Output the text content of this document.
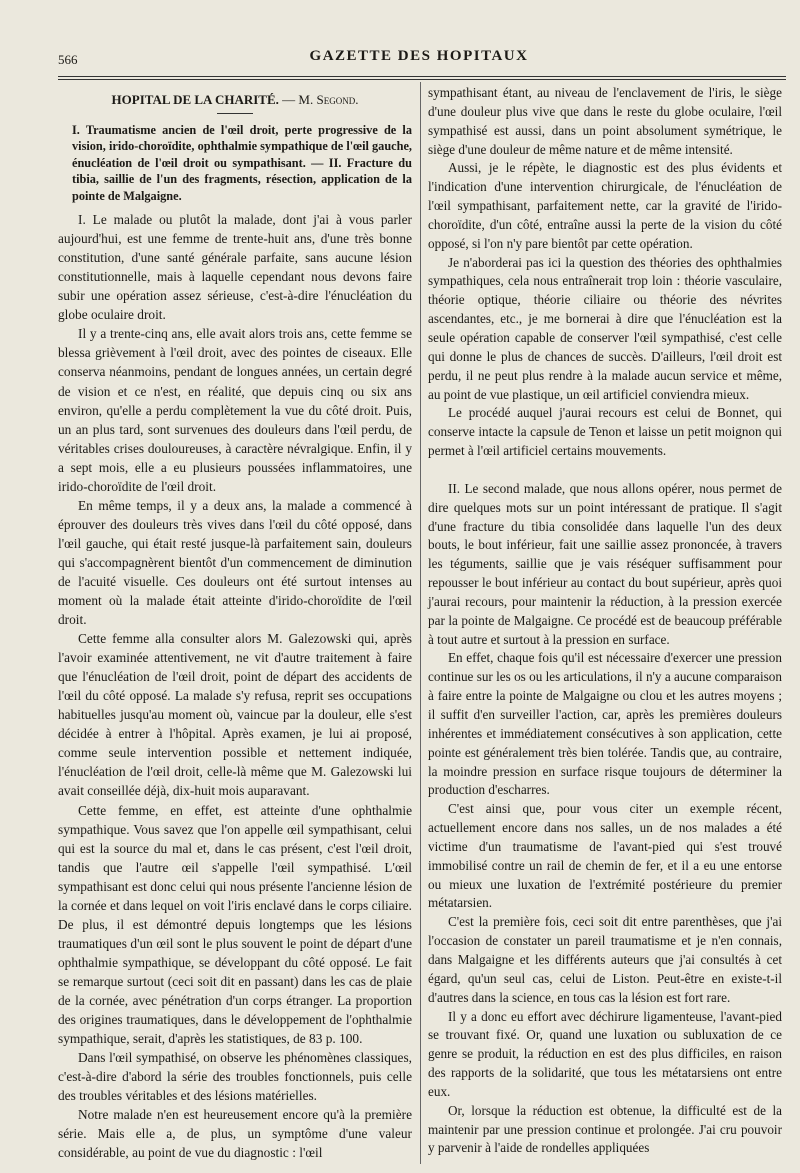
566	GAZETTE DES HOPITAUX
HOPITAL DE LA CHARITÉ. — M. Segond.

I. Traumatisme ancien de l'œil droit, perte progressive de la vision, irido-choroïdite, ophthalmie sympathique de l'œil gauche, énucléation de l'œil droit ou sympathisant. — II. Fracture du tibia, saillie de l'un des fragments, résection, application de la pointe de Malgaigne.

I. Le malade ou plutôt la malade, dont j'ai à vous parler aujourd'hui, est une femme de trente-huit ans, d'une très bonne constitution, d'une santé générale parfaite, sans aucune lésion constitutionnelle, mais à laquelle cependant nous devons faire subir une opération assez sérieuse, c'est-à-dire l'énucléation du globe oculaire droit.

Il y a trente-cinq ans, elle avait alors trois ans, cette femme se blessa grièvement à l'œil droit, avec des pointes de ciseaux. Elle conserva néanmoins, pendant de longues années, un certain degré de vision et ce n'est, en réalité, que depuis cinq ou six ans environ, qu'elle a perdu complètement la vue du côté droit. Puis, un an plus tard, sont survenues des douleurs dans l'œil perdu, de véritables crises douloureuses, à caractère névralgique. Enfin, il y a sept mois, elle a eu plusieurs poussées inflammatoires, une irido-choroïdite de l'œil droit.

En même temps, il y a deux ans, la malade a commencé à éprouver des douleurs très vives dans l'œil du côté opposé, dans l'œil gauche, qui était resté jusque-là parfaitement sain, douleurs qui s'accompagnèrent bientôt d'un commencement de diminution de l'acuité visuelle. Ces douleurs ont été surtout intenses au moment où la malade était atteinte d'irido-choroïdite de l'œil droit.

Cette femme alla consulter alors M. Galezowski qui, après l'avoir examinée attentivement, ne vit d'autre traitement à faire que l'énucléation de l'œil droit, point de départ des accidents de l'œil du côté opposé. La malade s'y refusa, reprit ses occupations habituelles jusqu'au moment où, vaincue par la douleur, elle s'est décidée à entrer à l'hôpital. Après examen, je lui ai proposé, comme seule intervention possible et nettement indiquée, l'énucléation de l'œil droit, celle-là même que M. Galezowski lui avait conseillée déjà, dix-huit mois auparavant.

Cette femme, en effet, est atteinte d'une ophthalmie sympathique. Vous savez que l'on appelle œil sympathisant, celui qui est la source du mal et, dans le cas présent, c'est l'œil droit, tandis que l'autre œil s'appelle l'œil sympathisé. L'œil sympathisant est donc celui qui nous présente l'ancienne lésion de la cornée et dans lequel on voit l'iris enclavé dans le corps ciliaire. De plus, il est démontré depuis longtemps que les lésions traumatiques d'un œil sont le plus souvent le point de départ d'une ophthalmie sympathique, se développant du côté opposé. Le fait se remarque surtout (ceci soit dit en passant) dans les cas de plaie de la cornée, avec pénétration d'un corps étranger. La proportion des origines traumatiques, dans le développement de l'ophthalmie sympathique, serait, d'après les statistiques, de 83 p. 100.

Dans l'œil sympathisé, on observe les phénomènes classiques, c'est-à-dire d'abord la série des troubles fonctionnels, puis celle des troubles véritables et des lésions matérielles.

Notre malade n'en est heureusement encore qu'à la première série. Mais elle a, de plus, un symptôme d'une valeur considérable, au point de vue du diagnostic : l'œil

sympathisant étant, au niveau de l'enclavement de l'iris, le siège d'une douleur plus vive que dans le reste du globe oculaire, l'œil sympathisé est aussi, dans un point absolument symétrique, le siège d'une douleur de même nature et de même intensité.

Aussi, je le répète, le diagnostic est des plus évidents et l'indication d'une intervention chirurgicale, de l'énucléation de l'œil sympathisant, parfaitement nette, car la gravité de l'irido-choroïdite, d'un côté, entraîne aussi la perte de la vision du côté opposé, si l'on n'y pare bientôt par cette opération.

Je n'aborderai pas ici la question des théories des ophthalmies sympathiques, cela nous entraînerait trop loin : théorie vasculaire, théorie optique, théorie ciliaire ou théorie des névrites ascendantes, etc., je me bornerai à dire que l'énucléation est la seule opération capable de conserver l'œil sympathisé, c'est celle qui donne le plus de chances de succès. D'ailleurs, l'œil droit est perdu, il ne peut plus rendre à la malade aucun service et même, au point de vue plastique, un œil artificiel conviendra mieux.

Le procédé auquel j'aurai recours est celui de Bonnet, qui conserve intacte la capsule de Tenon et laisse un petit moignon qui permet à l'œil artificiel certains mouvements.

II. Le second malade, que nous allons opérer, nous permet de dire quelques mots sur un point intéressant de pratique. Il s'agit d'une fracture du tibia consolidée dans laquelle l'un des deux bouts, le bout inférieur, fait une saillie assez prononcée, à travers les téguments, saillie que je vais réséquer suffisamment pour repousser le bout inférieur au contact du bout supérieur, après quoi j'aurai recours, pour maintenir la réduction, à la pression exercée par la pointe de Malgaigne. Ce procédé est de beaucoup préférable à tout autre et surtout à la pression en surface.

En effet, chaque fois qu'il est nécessaire d'exercer une pression continue sur les os ou les articulations, il n'y a aucune comparaison à faire entre la pointe de Malgaigne ou clou et les autres moyens ; il suffit d'en surveiller l'action, car, après les premières douleurs inhérentes et immédiatement consécutives à son application, cette pointe est généralement très bien tolérée. Tandis que, au contraire, la moindre pression en surface risque toujours de déterminer la production d'escharres.

C'est ainsi que, pour vous citer un exemple récent, actuellement encore dans nos salles, un de nos malades a été victime d'un traumatisme de l'avant-pied qui s'est trouvé immobilisé contre un rail de chemin de fer, et il a eu une entorse ou mieux une luxation de l'extrémité postérieure du premier métatarsien.

C'est la première fois, ceci soit dit entre parenthèses, que j'ai l'occasion de constater un pareil traumatisme et je n'en connais, dans Malgaigne et les différents auteurs que j'ai consultés à cet égard, qu'un seul cas, celui de Liston. Peut-être en existe-t-il d'autres dans la science, en tous cas la lésion est fort rare.

Il y a donc eu effort avec déchirure ligamenteuse, l'avant-pied se trouvant fixé. Or, quand une luxation ou subluxation de ce genre se produit, la réduction en est des plus difficiles, en raison des rapports de la solidarité, que tous les métatarsiens ont entre eux.

Or, lorsque la réduction est obtenue, la difficulté est de la maintenir par une pression continue et prolongée. J'ai cru pouvoir y parvenir à l'aide de rondelles appliquées
